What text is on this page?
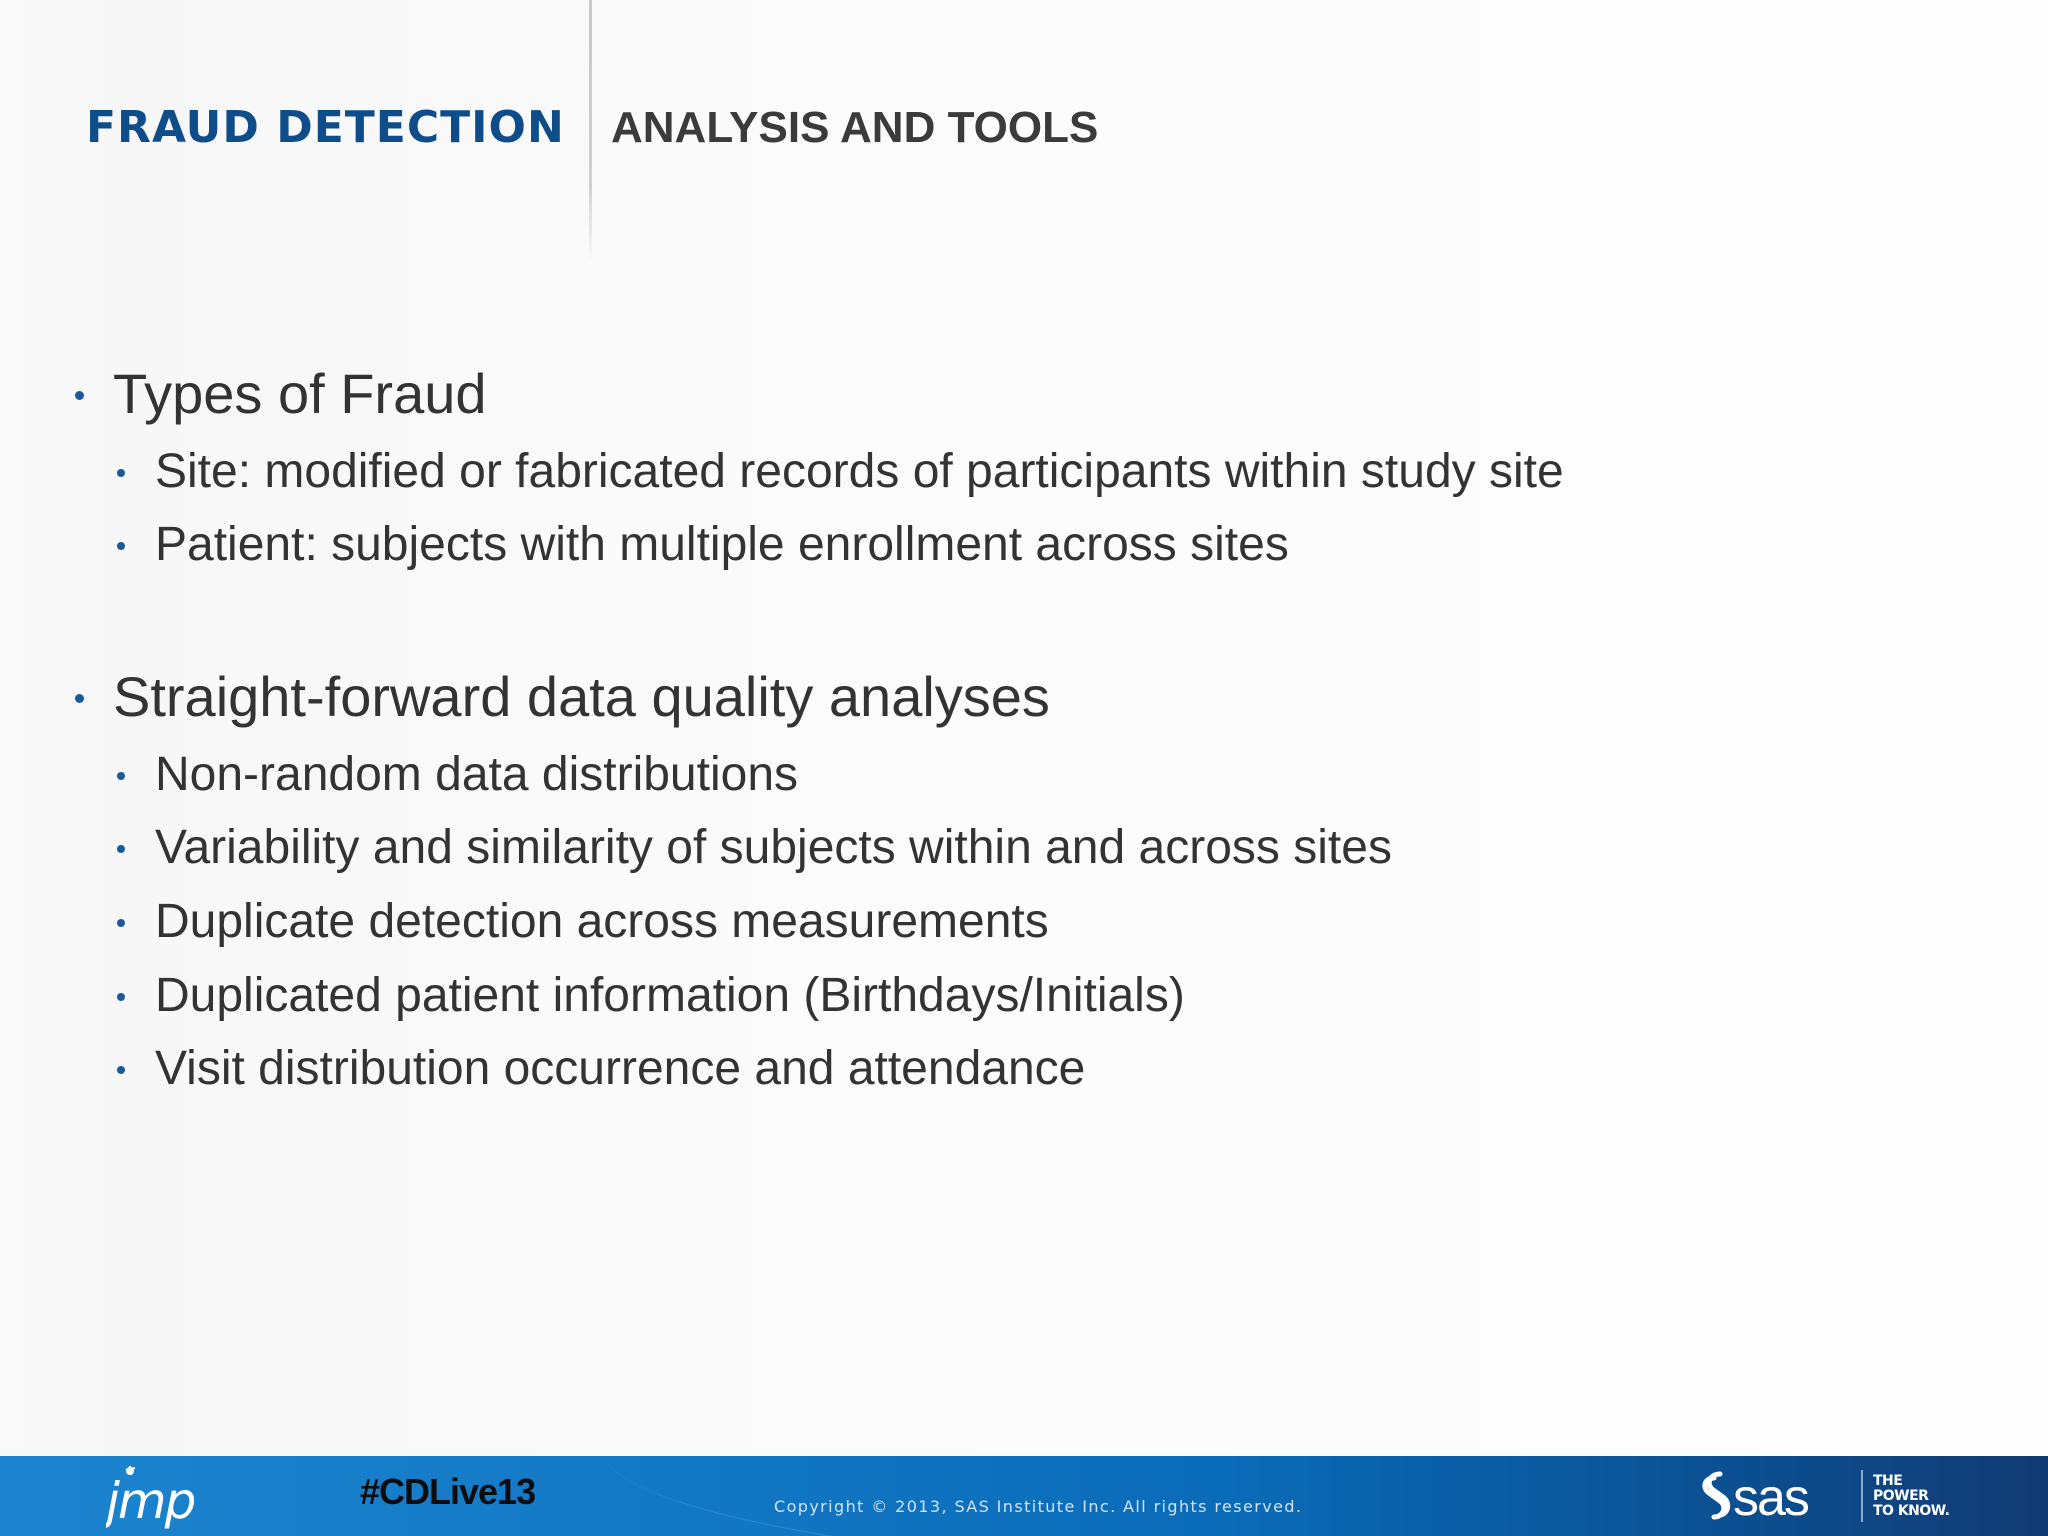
FRAUD DETECTION ANALYSIS AND TOOLS
Types of Fraud
Site: modified or fabricated records of participants within study site
Patient: subjects with multiple enrollment across sites
Straight-forward data quality analyses
Non-random data distributions
Variability and similarity of subjects within and across sites
Duplicate detection across measurements
Duplicated patient information (Birthdays/Initials)
Visit distribution occurrence and attendance
jmp	#CDLive13	Copyright © 2013, SAS Institute Inc. All rights reserved.	sas	THE
POWER
TO KNOW.
